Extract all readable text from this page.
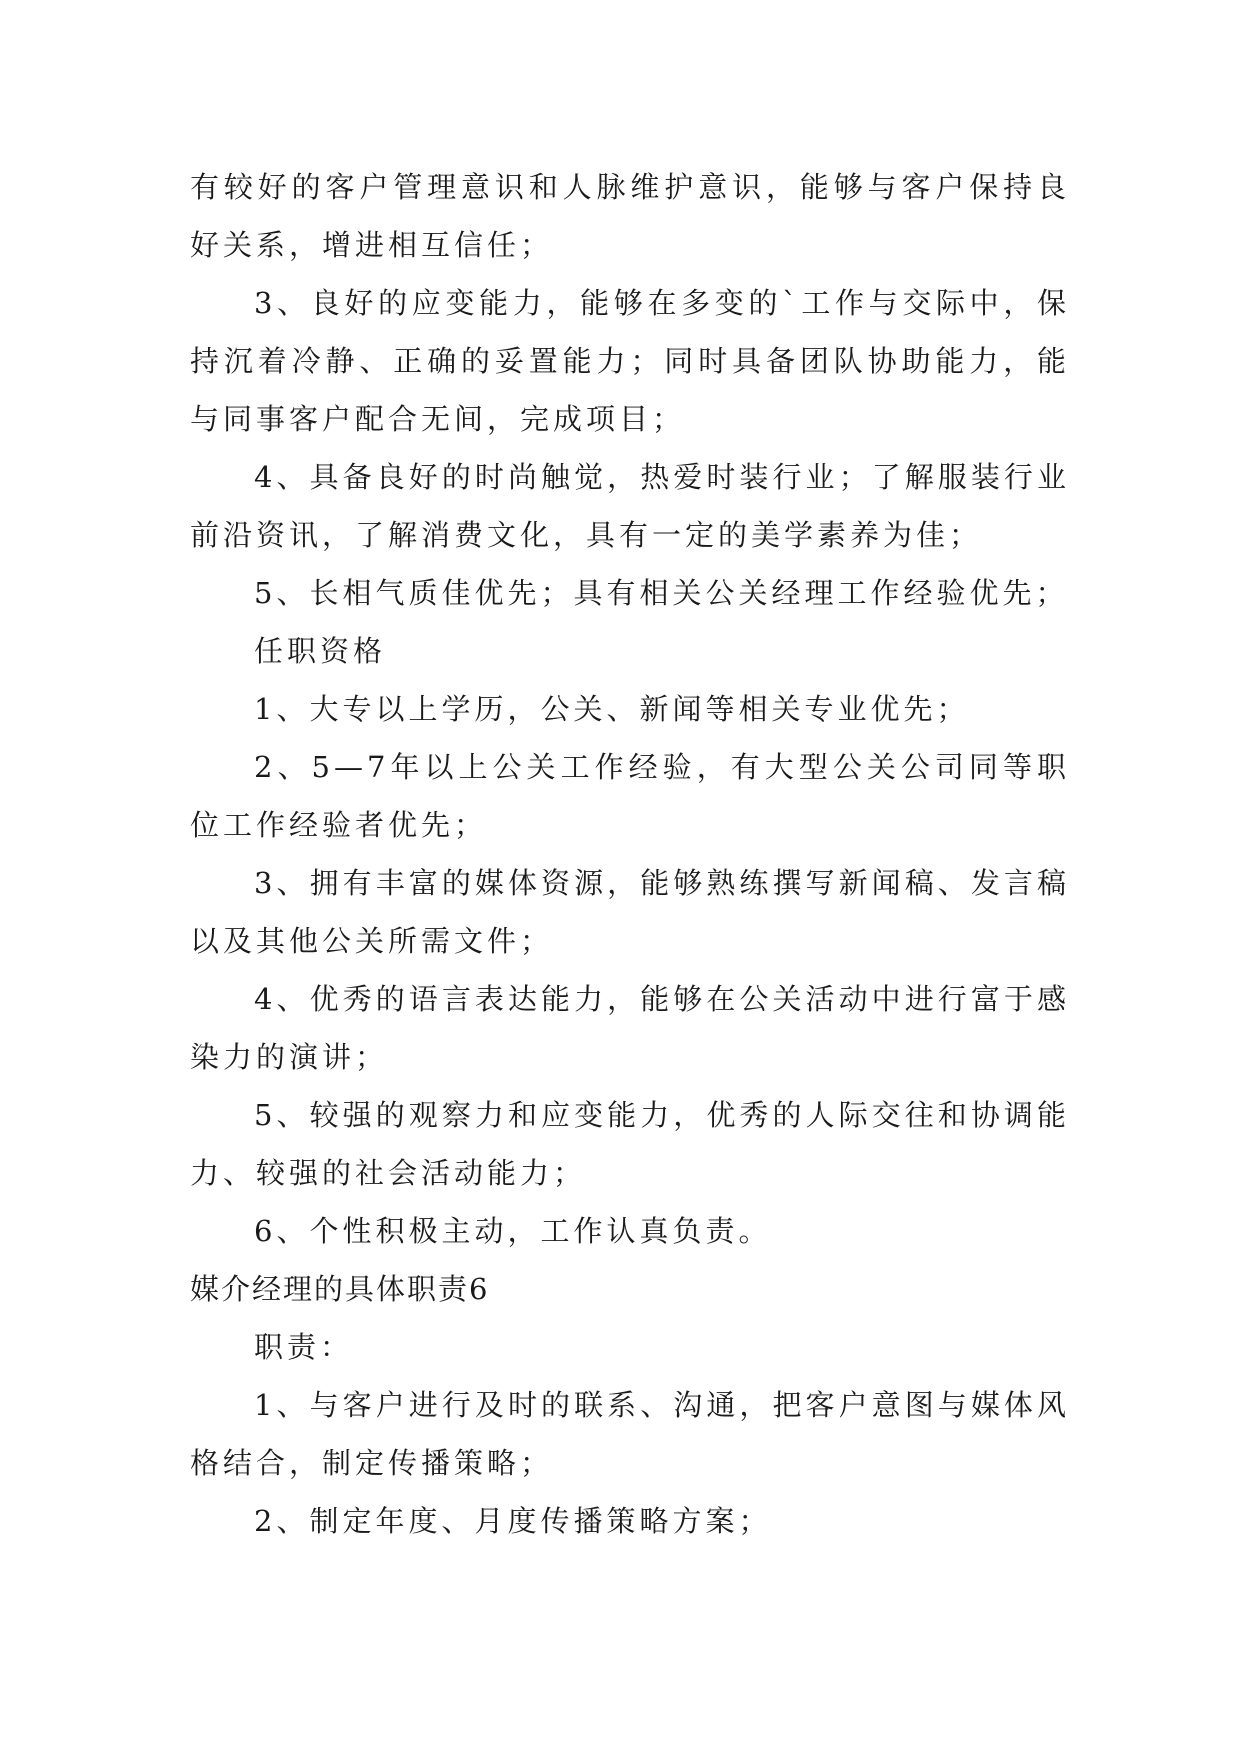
有较好的客户管理意识和人脉维护意识，能够与客户保持良好关系，增进相互信任；

3、良好的应变能力，能够在多变的`工作与交际中，保持沉着冷静、正确的妥置能力；同时具备团队协助能力，能与同事客户配合无间，完成项目；

4、具备良好的时尚触觉，热爱时装行业；了解服装行业前沿资讯，了解消费文化，具有一定的美学素养为佳；

5、长相气质佳优先；具有相关公关经理工作经验优先；

任职资格

1、大专以上学历，公关、新闻等相关专业优先；

2、5—7年以上公关工作经验，有大型公关公司同等职位工作经验者优先；

3、拥有丰富的媒体资源，能够熟练撰写新闻稿、发言稿以及其他公关所需文件；

4、优秀的语言表达能力，能够在公关活动中进行富于感染力的演讲；

5、较强的观察力和应变能力，优秀的人际交往和协调能力、较强的社会活动能力；

6、个性积极主动，工作认真负责。

媒介经理的具体职责6

职责：

1、与客户进行及时的联系、沟通，把客户意图与媒体风格结合，制定传播策略；

2、制定年度、月度传播策略方案；
